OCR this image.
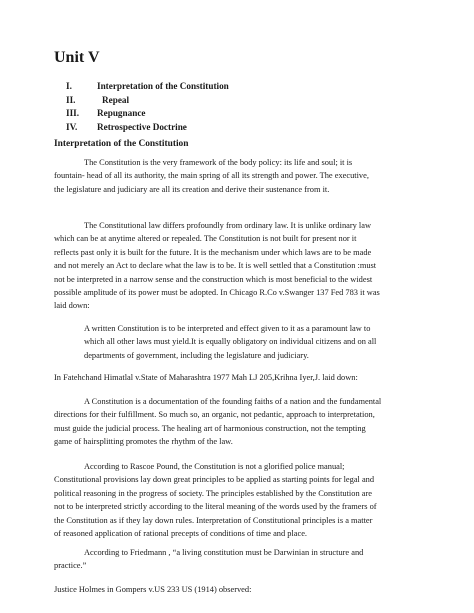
Unit V
I.	Interpretation of the Constitution
II.	Repeal
III. Repugnance
IV. Retrospective Doctrine
Interpretation of the Constitution
The Constitution is the very framework of the body policy: its life and soul; it is
fountain- head of all its authority, the main spring of all its strength and power. The executive,
the legislature and judiciary are all its creation and derive their sustenance from it.
The Constitutional law differs profoundly from ordinary law. It is unlike ordinary law
which can be at anytime altered or repealed. The Constitution is not built for present nor it
reflects past only it is built for the future. It is the mechanism under which laws are to be made
and not merely an Act to declare what the law is to be. It is well settled that a Constitution :must
not be interpreted in a narrow sense and the construction which is most beneficial to the widest
possible amplitude of its power must be adopted. In Chicago R.Co v.Swanger 137 Fed 783 it was
laid down:
A written Constitution is to be interpreted and effect given to it as a paramount law to
which all other laws must yield.It is equally obligatory on individual citizens and on all
departments of government, including the legislature and judiciary.
In Fatehchand Himatlal v.State of Maharashtra 1977 Mah LJ 205,Krihna Iyer,J. laid down:
A Constitution is a documentation of the founding faiths of a nation and the fundamental
directions for their fulfillment. So much so, an organic, not pedantic, approach to interpretation,
must guide the judicial process. The healing art of harmonious construction, not the tempting
game of hairsplitting promotes the rhythm of the law.
According to Rascoe Pound, the Constitution is not a glorified police manual;
Constitutional provisions lay down great principles to be applied as starting points for legal and
political reasoning in the progress of society. The principles established by the Constitution are
not to be interpreted strictly according to the literal meaning of the words used by the framers of
the Constitution as if they lay down rules. Interpretation of Constitutional principles is a matter
of reasoned application of rational precepts of conditions of time and place.
According to Friedmann , “a living constitution must be Darwinian in structure and
practice.”
Justice Holmes in Gompers v.US 233 US (1914) observed:
